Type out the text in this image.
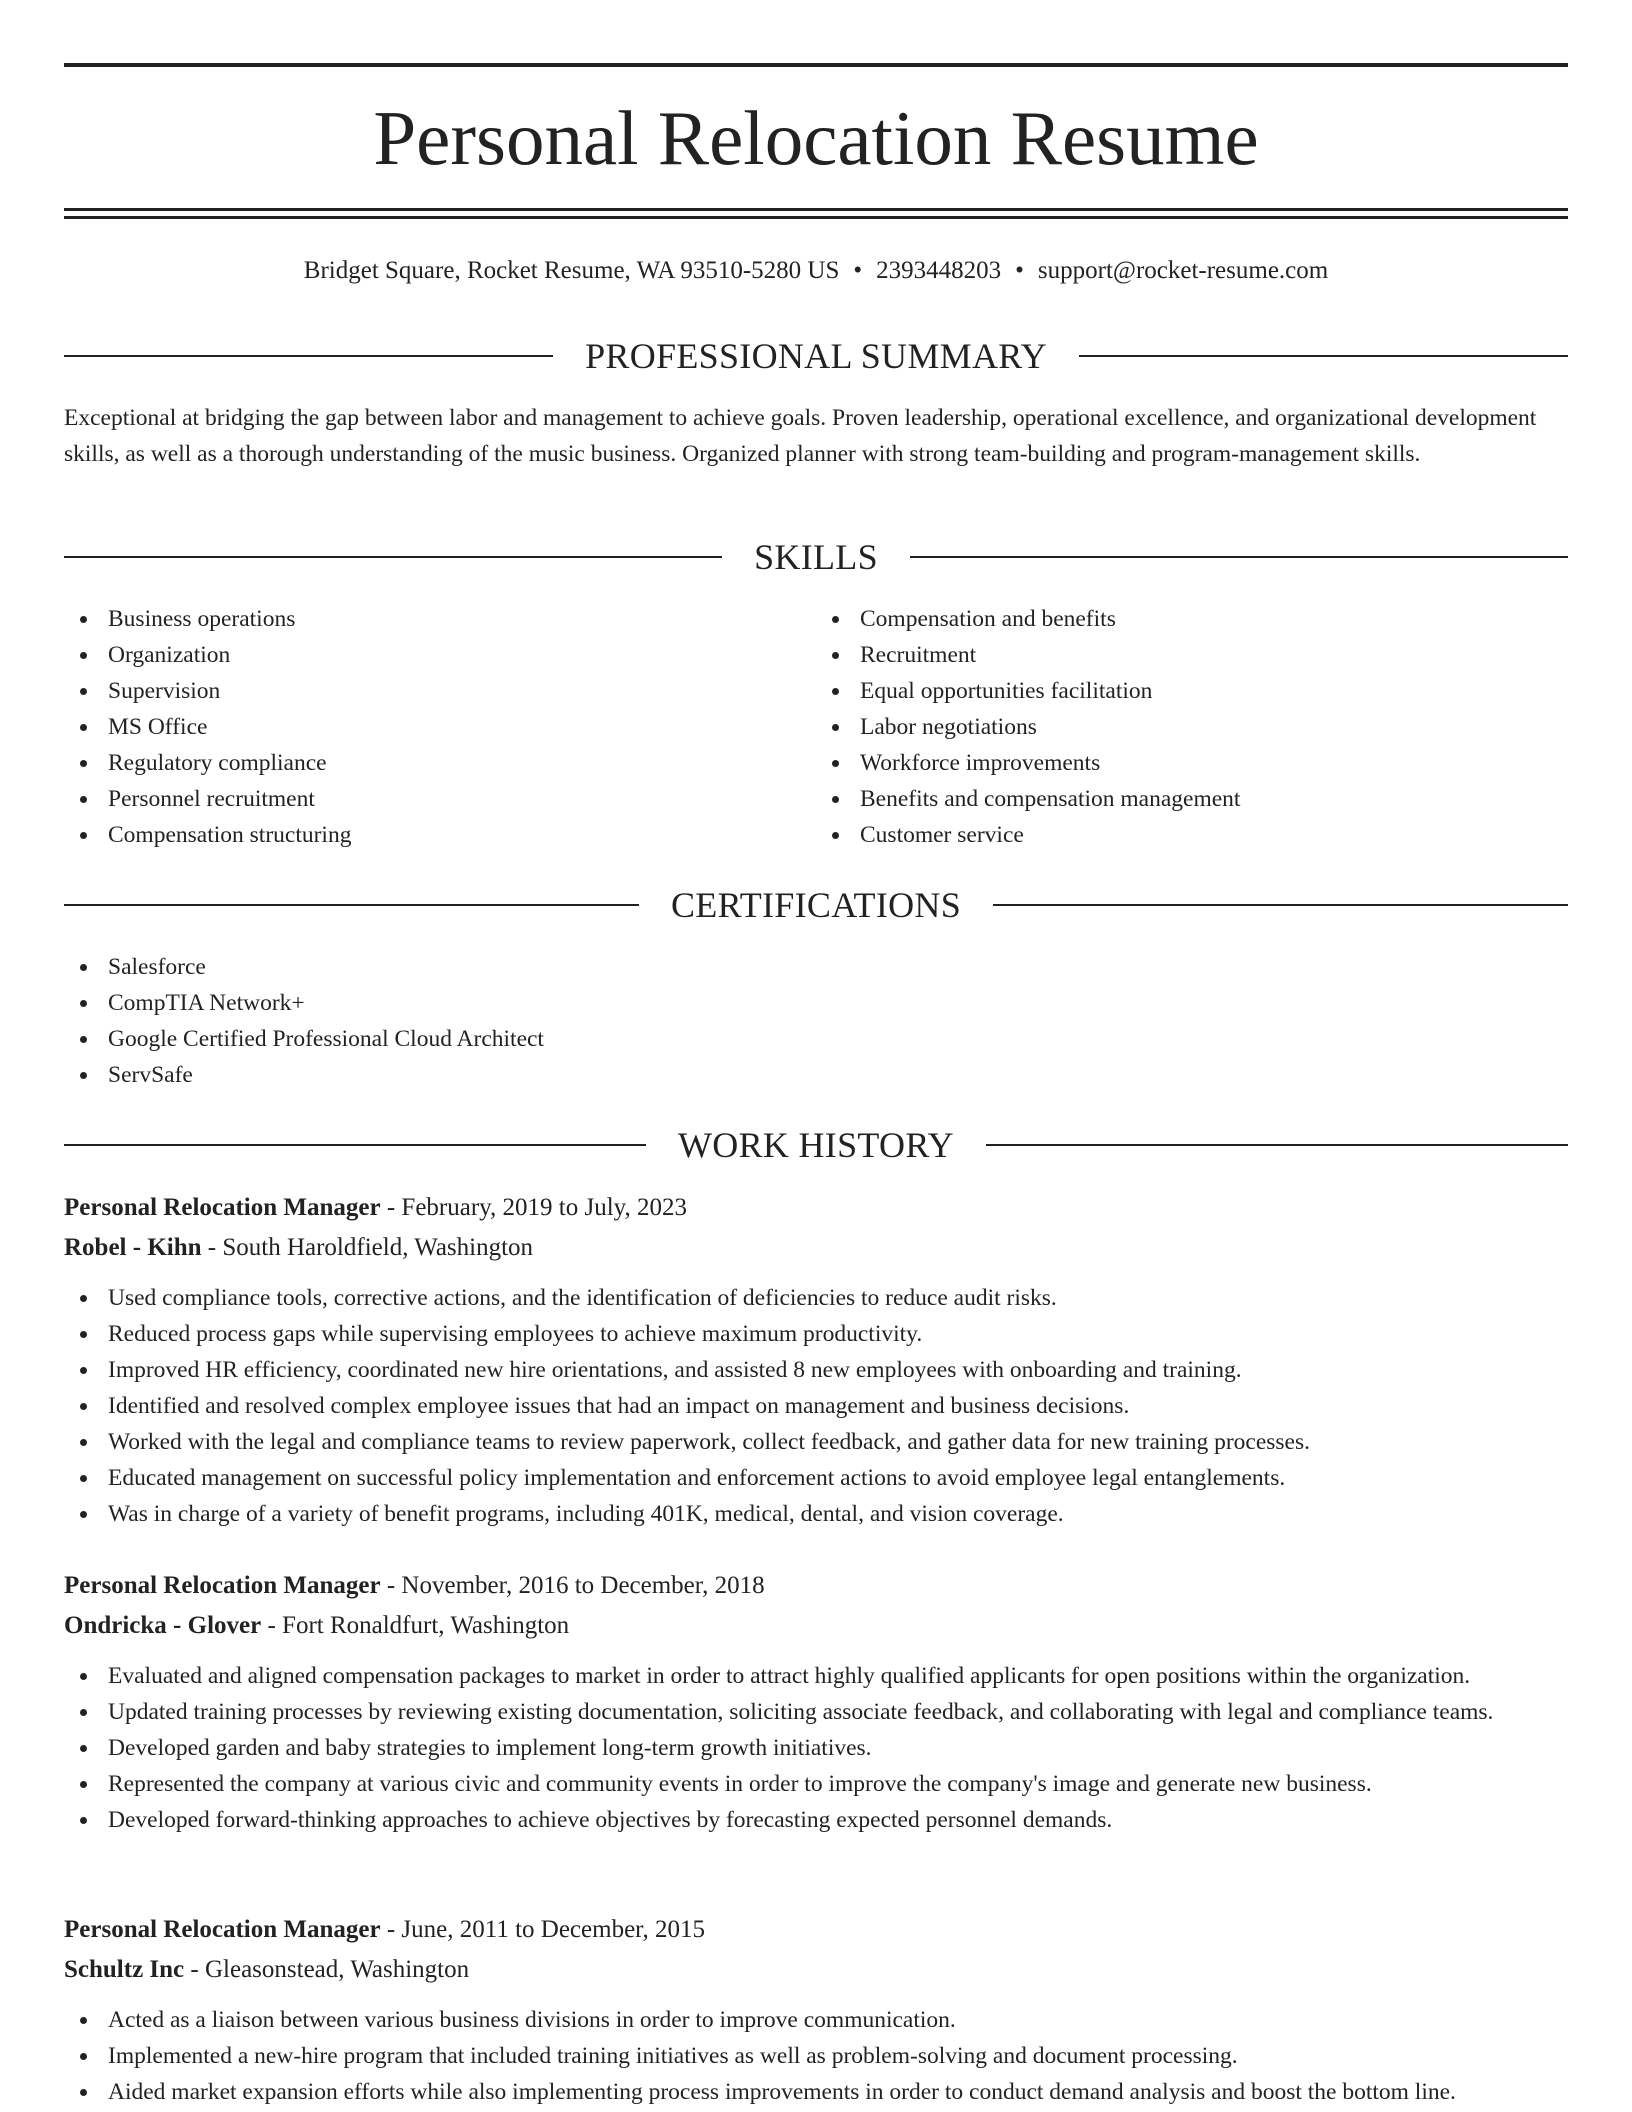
Personal Relocation Resume
Bridget Square, Rocket Resume, WA 93510-5280 US • 2393448203 • support@rocket-resume.com
PROFESSIONAL SUMMARY

Exceptional at bridging the gap between labor and management to achieve goals. Proven leadership, operational excellence, and organizational development skills, as well as a thorough understanding of the music business. Organized planner with strong team-building and program-management skills.

SKILLS
Business operations
Organization
Supervision
MS Office
Regulatory compliance
Personnel recruitment
Compensation structuring
Compensation and benefits
Recruitment
Equal opportunities facilitation
Labor negotiations
Workforce improvements
Benefits and compensation management
Customer service
CERTIFICATIONS
Salesforce
CompTIA Network+
Google Certified Professional Cloud Architect
ServSafe
WORK HISTORY
Personal Relocation Manager - February, 2019 to July, 2023
Robel - Kihn - South Haroldfield, Washington
Used compliance tools, corrective actions, and the identification of deficiencies to reduce audit risks.
Reduced process gaps while supervising employees to achieve maximum productivity.
Improved HR efficiency, coordinated new hire orientations, and assisted 8 new employees with onboarding and training.
Identified and resolved complex employee issues that had an impact on management and business decisions.
Worked with the legal and compliance teams to review paperwork, collect feedback, and gather data for new training processes.
Educated management on successful policy implementation and enforcement actions to avoid employee legal entanglements.
Was in charge of a variety of benefit programs, including 401K, medical, dental, and vision coverage.
Personal Relocation Manager - November, 2016 to December, 2018
Ondricka - Glover - Fort Ronaldfurt, Washington
Evaluated and aligned compensation packages to market in order to attract highly qualified applicants for open positions within the organization.
Updated training processes by reviewing existing documentation, soliciting associate feedback, and collaborating with legal and compliance teams.
Developed garden and baby strategies to implement long-term growth initiatives.
Represented the company at various civic and community events in order to improve the company's image and generate new business.
Developed forward-thinking approaches to achieve objectives by forecasting expected personnel demands.
Personal Relocation Manager - June, 2011 to December, 2015
Schultz Inc - Gleasonstead, Washington
Acted as a liaison between various business divisions in order to improve communication.
Implemented a new-hire program that included training initiatives as well as problem-solving and document processing.
Aided market expansion efforts while also implementing process improvements in order to conduct demand analysis and boost the bottom line.
